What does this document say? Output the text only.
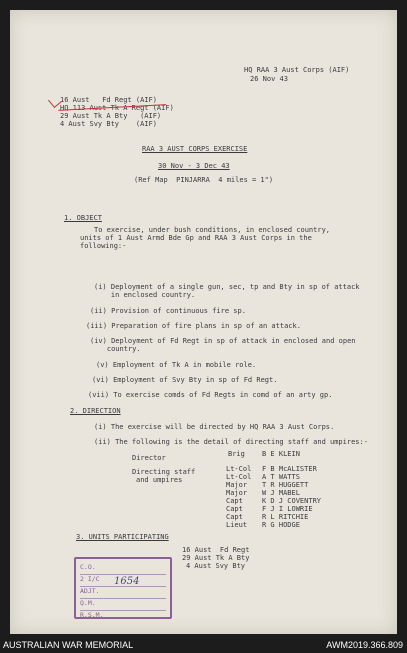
HQ RAA 3 Aust Corps (AIF)
26 Nov 43
16 Aust   Fd Regt (AIF)
HQ 113 Aust Tk A Regt (AIF)
29 Aust Tk A Bty   (AIF)
4 Aust Svy Bty    (AIF)
RAA 3 AUST CORPS EXERCISE
30 Nov - 3 Dec 43
(Ref Map  PINJARRA  4 miles = 1")
1. OBJECT
To exercise, under bush conditions, in enclosed country,
units of 1 Aust Armd Bde Gp and RAA 3 Aust Corps in the
following:-
(i) Deployment of a single gun, sec, tp and Bty in sp of attack
in enclosed country.
(ii) Provision of continuous fire sp.
(iii) Preparation of fire plans in sp of an attack.
(iv) Deployment of Fd Regt in sp of attack in enclosed and open
country.
(v) Employment of Tk A in mobile role.
(vi) Employment of Svy Bty in sp of Fd Regt.
(vii) To exercise comds of Fd Regts in comd of an arty gp.
2. DIRECTION
(i) The exercise will be directed by HQ RAA 3 Aust Corps.
(ii) The following is the detail of directing staff and umpires:-
Director	Brig B E KLEIN
Directing staff
and umpires
Lt-Col F B McALISTER
Lt-Col A T WATTS
Major T R HUGGETT
Major W J MABEL
Capt	K D J COVENTRY
Capt	F J I LOWRIE
Capt	R L RITCHIE
Lieut R G HODGE
3. UNITS PARTICIPATING
16 Aust  Fd Regt
29 Aust Tk A Bty
4 Aust Svy Bty
C.O.
2 I/C
ADJT.
Q.M.
R.S.M.
1654
AUSTRALIAN WAR MEMORIAL	AWM2019.366.809
